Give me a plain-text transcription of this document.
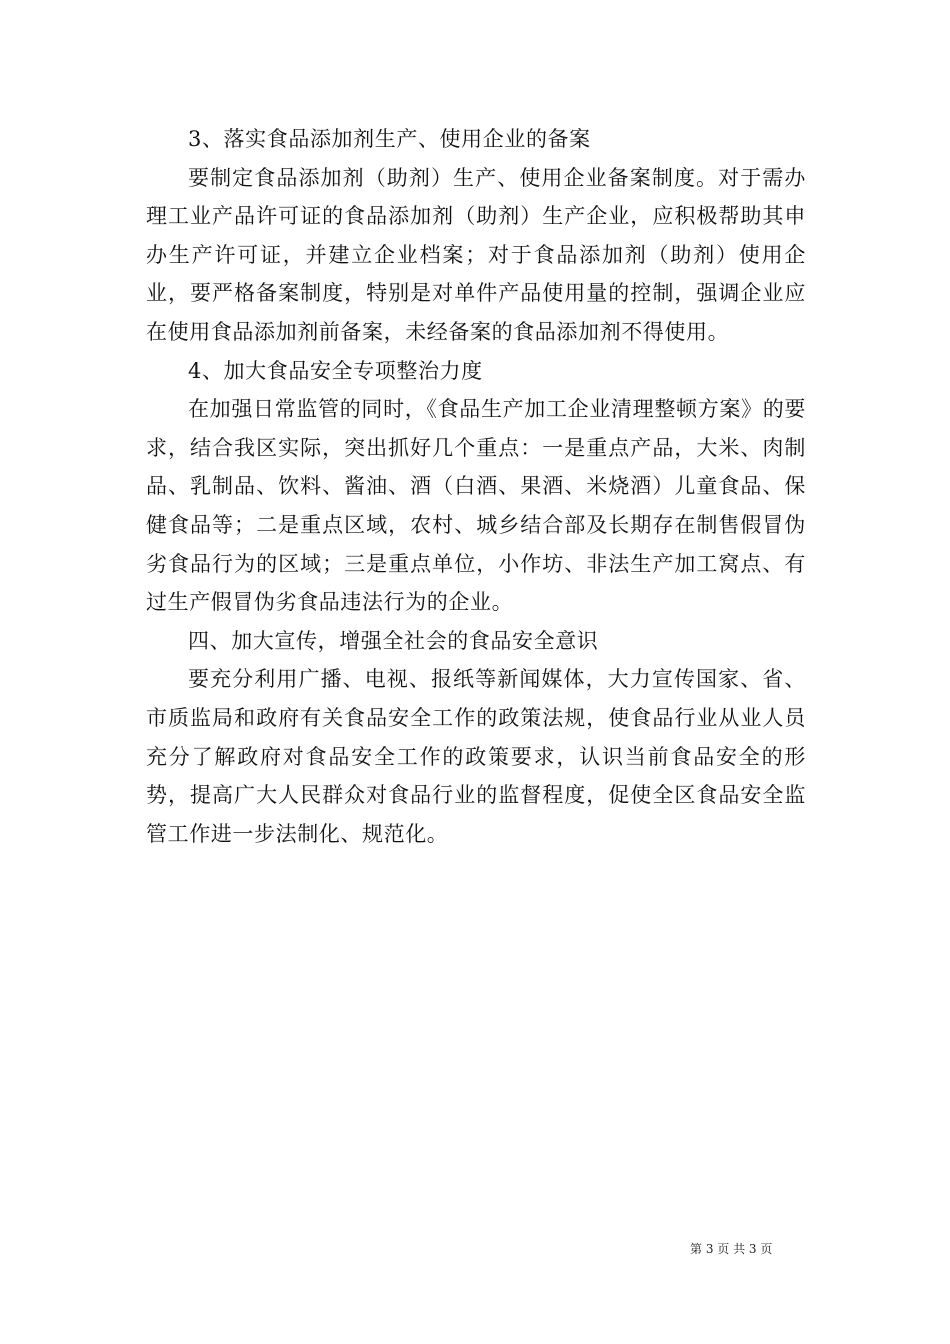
3、落实食品添加剂生产、使用企业的备案

要制定食品添加剂（助剂）生产、使用企业备案制度。对于需办理工业产品许可证的食品添加剂（助剂）生产企业，应积极帮助其申办生产许可证，并建立企业档案；对于食品添加剂（助剂）使用企业，要严格备案制度，特别是对单件产品使用量的控制，强调企业应在使用食品添加剂前备案，未经备案的食品添加剂不得使用。

4、加大食品安全专项整治力度

在加强日常监管的同时，《食品生产加工企业清理整顿方案》的要求，结合我区实际，突出抓好几个重点：一是重点产品，大米、肉制品、乳制品、饮料、酱油、酒（白酒、果酒、米烧酒）儿童食品、保健食品等；二是重点区域，农村、城乡结合部及长期存在制售假冒伪劣食品行为的区域；三是重点单位，小作坊、非法生产加工窝点、有过生产假冒伪劣食品违法行为的企业。

四、加大宣传，增强全社会的食品安全意识

要充分利用广播、电视、报纸等新闻媒体，大力宣传国家、省、市质监局和政府有关食品安全工作的政策法规，使食品行业从业人员充分了解政府对食品安全工作的政策要求，认识当前食品安全的形势，提高广大人民群众对食品行业的监督程度，促使全区食品安全监管工作进一步法制化、规范化。

第 3 页 共 3 页
